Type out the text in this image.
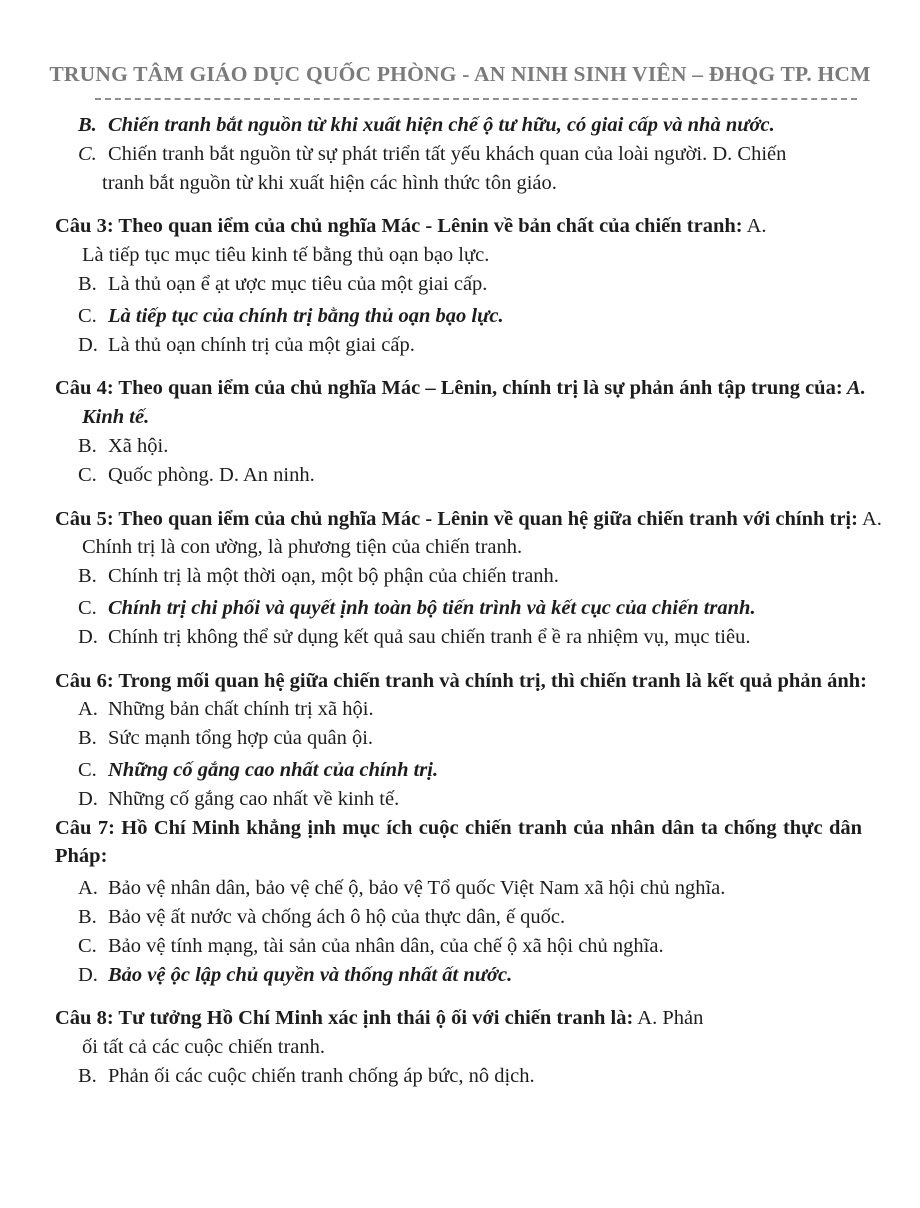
TRUNG TÂM GIÁO DỤC QUỐC PHÒNG - AN NINH SINH VIÊN – ĐHQG TP. HCM
B. Chiến tranh bắt nguồn từ khi xuất hiện chế ộ tư hữu, có giai cấp và nhà nước.
C. Chiến tranh bắt nguồn từ sự phát triển tất yếu khách quan của loài người. D. Chiến
tranh bắt nguồn từ khi xuất hiện các hình thức tôn giáo.
Câu 3: Theo quan iểm của chủ nghĩa Mác - Lênin về bản chất của chiến tranh: A.
Là tiếp tục mục tiêu kinh tế bằng thủ oạn bạo lực.
B. Là thủ oạn ể ạt ược mục tiêu của một giai cấp.
C. Là tiếp tục của chính trị bằng thủ oạn bạo lực.
D. Là thủ oạn chính trị của một giai cấp.
Câu 4: Theo quan iểm của chủ nghĩa Mác – Lênin, chính trị là sự phản ánh tập trung của: A.
Kinh tế.
B. Xã hội.
C. Quốc phòng. D. An ninh.
Câu 5: Theo quan iểm của chủ nghĩa Mác - Lênin về quan hệ giữa chiến tranh với chính trị: A.
Chính trị là con ường, là phương tiện của chiến tranh.
B. Chính trị là một thời oạn, một bộ phận của chiến tranh.
C. Chính trị chi phối và quyết ịnh toàn bộ tiến trình và kết cục của chiến tranh.
D. Chính trị không thể sử dụng kết quả sau chiến tranh ể ề ra nhiệm vụ, mục tiêu.
Câu 6: Trong mối quan hệ giữa chiến tranh và chính trị, thì chiến tranh là kết quả phản ánh:
A. Những bản chất chính trị xã hội.
B. Sức mạnh tổng hợp của quân ội.
C. Những cố gắng cao nhất của chính trị.
D. Những cố gắng cao nhất về kinh tế.
Câu 7: Hồ Chí Minh khẳng ịnh mục ích cuộc chiến tranh của nhân dân ta chống thực dân
Pháp:
A. Bảo vệ nhân dân, bảo vệ chế ộ, bảo vệ Tổ quốc Việt Nam xã hội chủ nghĩa.
B. Bảo vệ ất nước và chống ách ô hộ của thực dân, ế quốc.
C. Bảo vệ tính mạng, tài sản của nhân dân, của chế ộ xã hội chủ nghĩa.
D. Bảo vệ ộc lập chủ quyền và thống nhất ất nước.
Câu 8: Tư tưởng Hồ Chí Minh xác ịnh thái ộ ối với chiến tranh là: A. Phản
ối tất cả các cuộc chiến tranh.
B. Phản ối các cuộc chiến tranh chống áp bức, nô dịch.
